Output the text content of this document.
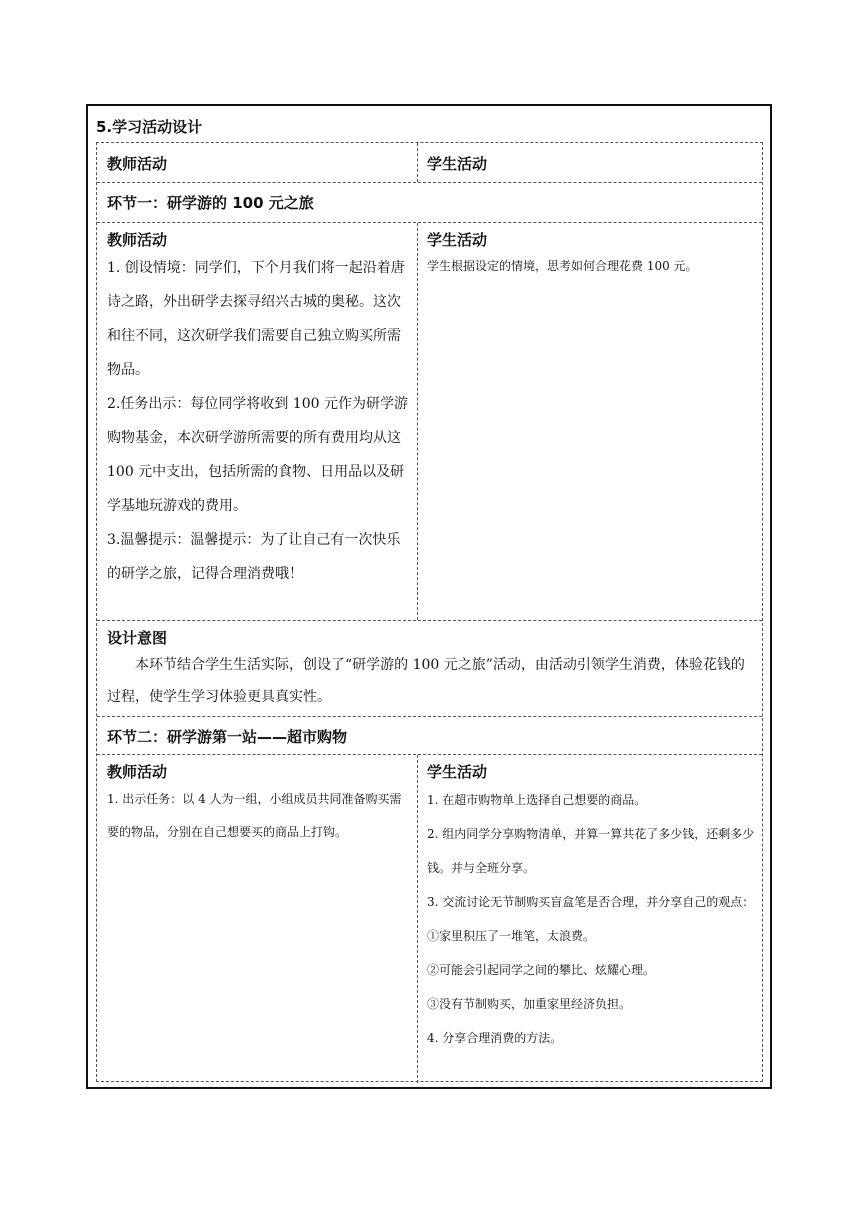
5.学习活动设计
教师活动	学生活动
环节一：研学游的 100 元之旅
教师活动
1. 创设情境：同学们，下个月我们将一起沿着唐诗之路，外出研学去探寻绍兴古城的奥秘。这次和往不同，这次研学我们需要自己独立购买所需物品。
2.任务出示：每位同学将收到 100 元作为研学游购物基金，本次研学游所需要的所有费用均从这 100 元中支出，包括所需的食物、日用品以及研学基地玩游戏的费用。
3.温馨提示：温馨提示：为了让自己有一次快乐的研学之旅，记得合理消费哦！
学生活动
学生根据设定的情境，思考如何合理花费 100 元。
设计意图
本环节结合学生生活实际，创设了“研学游的 100 元之旅”活动，由活动引领学生消费，体验花钱的过程，使学生学习体验更具真实性。
环节二：研学游第一站——超市购物
教师活动
1. 出示任务：以 4 人为一组，小组成员共同准备购买需要的物品，分别在自己想要买的商品上打钩。
学生活动
1. 在超市购物单上选择自己想要的商品。
2. 组内同学分享购物清单，并算一算共花了多少钱，还剩多少钱。并与全班分享。
3. 交流讨论无节制购买盲盒笔是否合理，并分享自己的观点：
①家里积压了一堆笔，太浪费。
②可能会引起同学之间的攀比、炫耀心理。
③没有节制购买，加重家里经济负担。
4. 分享合理消费的方法。
